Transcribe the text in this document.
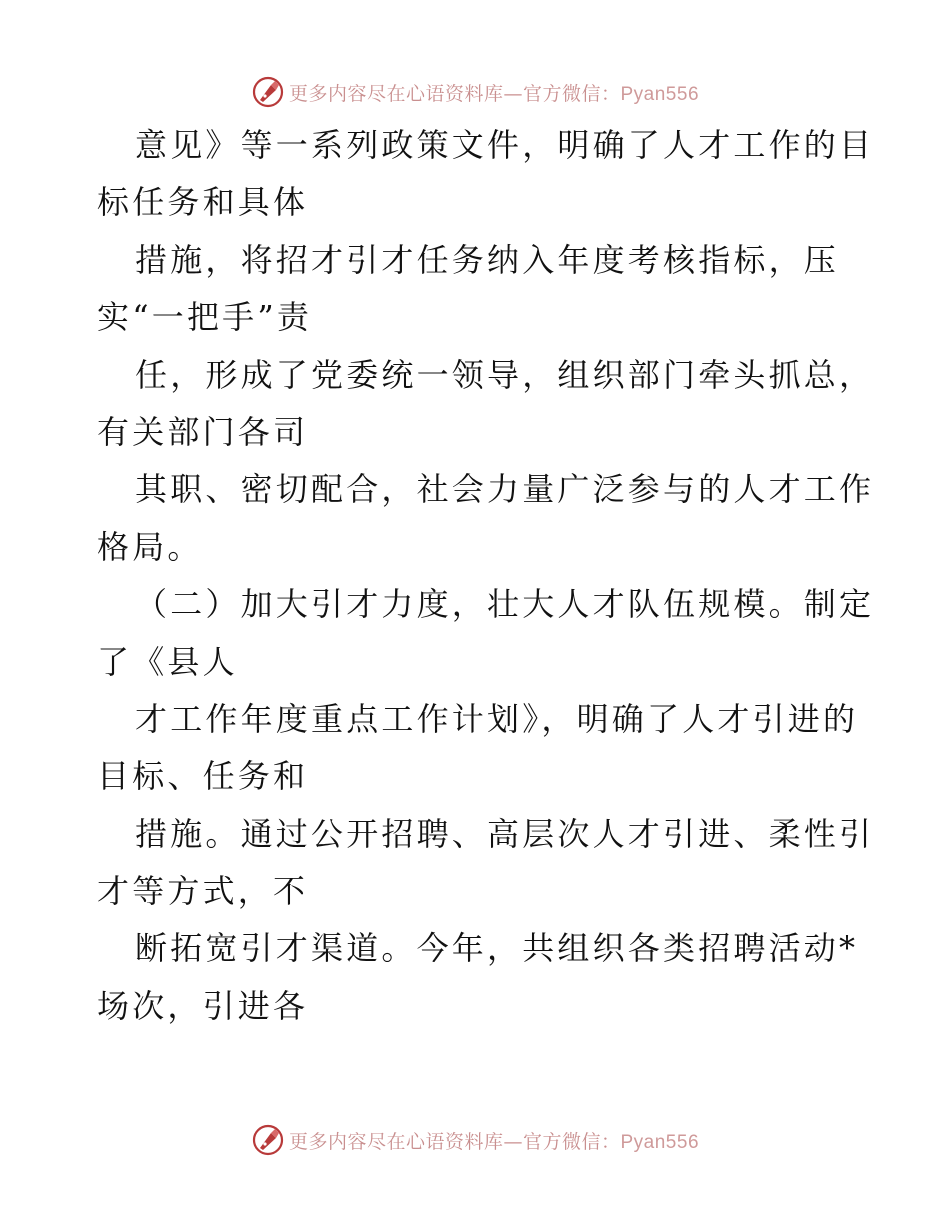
更多内容尽在心语资料库—官方微信：Pyan556
意见》等一系列政策文件，明确了人才工作的目
标任务和具体
措施，将招才引才任务纳入年度考核指标，压
实“一把手”责
任，形成了党委统一领导，组织部门牵头抓总，
有关部门各司
其职、密切配合，社会力量广泛参与的人才工作
格局。
（二）加大引才力度，壮大人才队伍规模。制定
了《县人
才工作年度重点工作计划》，明确了人才引进的
目标、任务和
措施。通过公开招聘、高层次人才引进、柔性引
才等方式，不
断拓宽引才渠道。今年，共组织各类招聘活动*
场次，引进各
更多内容尽在心语资料库—官方微信：Pyan556
